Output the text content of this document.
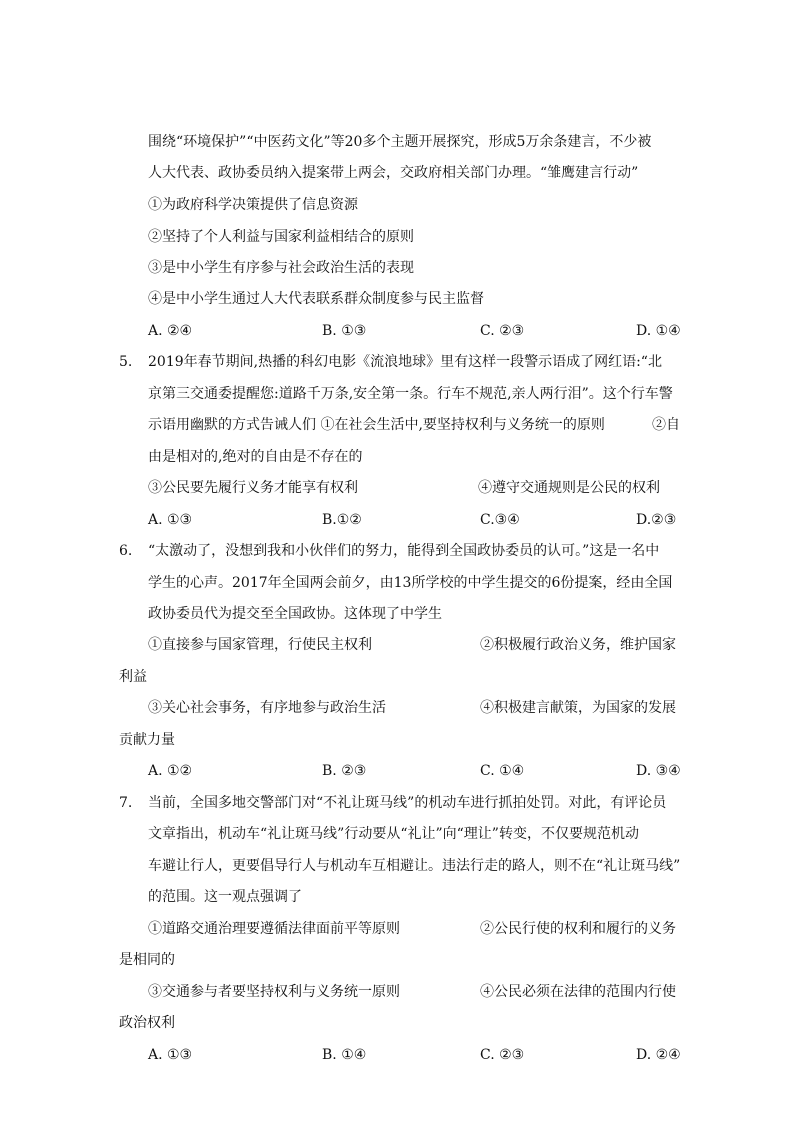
围绕“环境保护”“中医药文化”等20多个主题开展探究，形成5万余条建言，不少被
人大代表、政协委员纳入提案带上两会，交政府相关部门办理。“雏鹰建言行动”
①为政府科学决策提供了信息资源
②坚持了个人利益与国家利益相结合的原则
③是中小学生有序参与社会政治生活的表现
④是中小学生通过人大代表联系群众制度参与民主监督
A. ②④	B. ①③	C. ②③	D. ①④
5. 2019年春节期间,热播的科幻电影《流浪地球》里有这样一段警示语成了网红语:“北
京第三交通委提醒您:道路千万条,安全第一条。行车不规范,亲人两行泪”。这个行车警
示语用幽默的方式告诫人们 ①在社会生活中,要坚持权利与义务统一的原则	②自
由是相对的,绝对的自由是不存在的
③公民要先履行义务才能享有权利	④遵守交通规则是公民的权利
A. ①③	B.①②	C.③④	D.②③
6. “太激动了，没想到我和小伙伴们的努力，能得到全国政协委员的认可。”这是一名中
学生的心声。2017年全国两会前夕，由13所学校的中学生提交的6份提案，经由全国
政协委员代为提交至全国政协。这体现了中学生
①直接参与国家管理，行使民主权利	②积极履行政治义务，维护国家
利益
③关心社会事务，有序地参与政治生活	④积极建言献策，为国家的发展
贡献力量
A. ①②	B. ②③	C. ①④	D. ③④
7. 当前，全国多地交警部门对“不礼让斑马线”的机动车进行抓拍处罚。对此，有评论员
文章指出，机动车“礼让斑马线”行动要从“礼让”向“理让”转变，不仅要规范机动
车避让行人，更要倡导行人与机动车互相避让。违法行走的路人，则不在“礼让斑马线”
的范围。这一观点强调了
①道路交通治理要遵循法律面前平等原则	②公民行使的权利和履行的义务
是相同的
③交通参与者要坚持权利与义务统一原则	④公民必须在法律的范围内行使
政治权利
A. ①③	B. ①④	C. ②③	D. ②④
